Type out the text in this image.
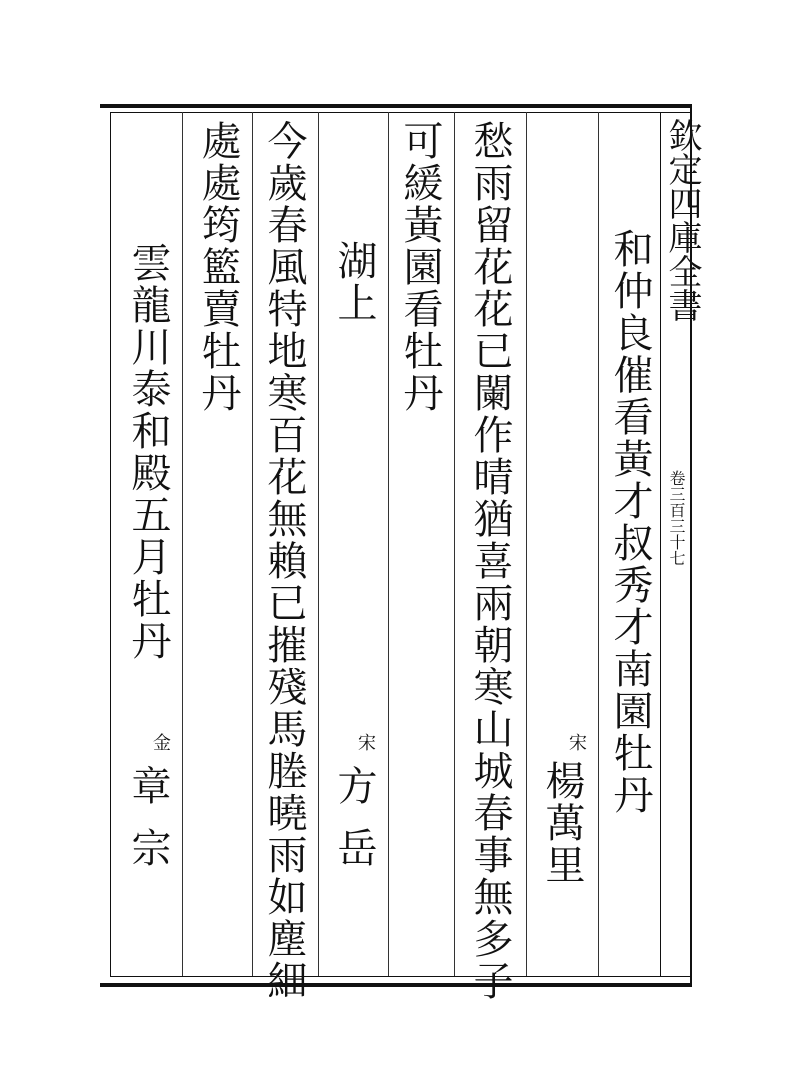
欽定四庫全書
卷三百三十七
和仲良催看黃才叔秀才南園牡丹
宋
楊萬里
愁雨留花花已闌作晴猶喜兩朝寒山城春事無多子
可緩黃園看牡丹
湖上
宋
方岳
今歲春風特地寒百花無賴已摧殘馬塍曉雨如塵細
處處筠籃賣牡丹
雲龍川泰和殿五月牡丹
金
章宗
